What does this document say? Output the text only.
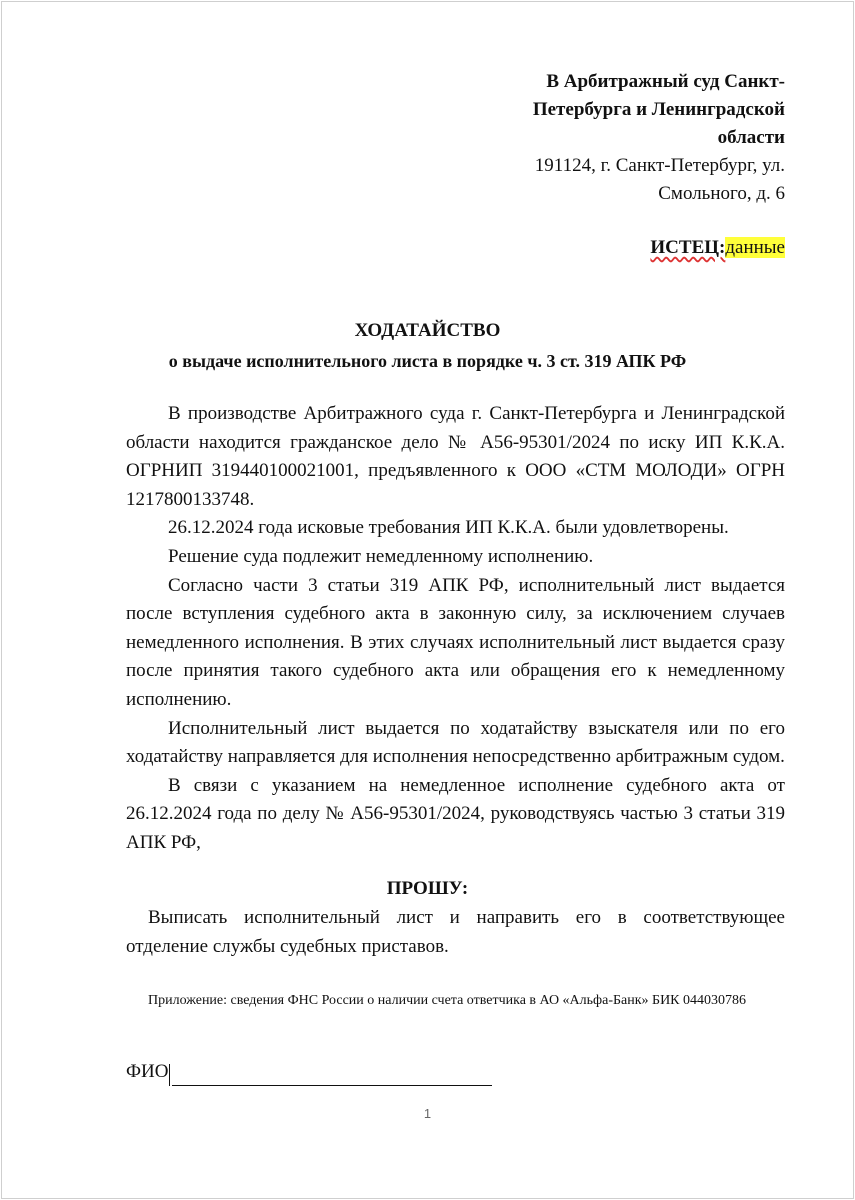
В Арбитражный суд Санкт-
Петербурга и Ленинградской
области
191124, г. Санкт-Петербург, ул.
Смольного, д. 6
ИСТЕЦ:данные
ХОДАТАЙСТВО
о выдаче исполнительного листа в порядке ч. 3 ст. 319 АПК РФ

В производстве Арбитражного суда г. Санкт-Петербурга и Ленинградской области находится гражданское дело № А56-95301/2024 по иску ИП К.К.А. ОГРНИП 319440100021001, предъявленного к ООО «СТМ МОЛОДИ» ОГРН 1217800133748.

26.12.2024 года исковые требования ИП К.К.А. были удовлетворены.

Решение суда подлежит немедленному исполнению.

Согласно части 3 статьи 319 АПК РФ, исполнительный лист выдается после вступления судебного акта в законную силу, за исключением случаев немедленного исполнения. В этих случаях исполнительный лист выдается сразу после принятия такого судебного акта или обращения его к немедленному исполнению.

Исполнительный лист выдается по ходатайству взыскателя или по его ходатайству направляется для исполнения непосредственно арбитражным судом.

В связи с указанием на немедленное исполнение судебного акта от 26.12.2024 года по делу № А56-95301/2024, руководствуясь частью 3 статьи 319 АПК РФ,

ПРОШУ:
Выписать исполнительный лист и направить его в соответствующее отделение службы судебных приставов.
Приложение: сведения ФНС России о наличии счета ответчика в АО «Альфа-Банк» БИК 044030786
ФИО
1
